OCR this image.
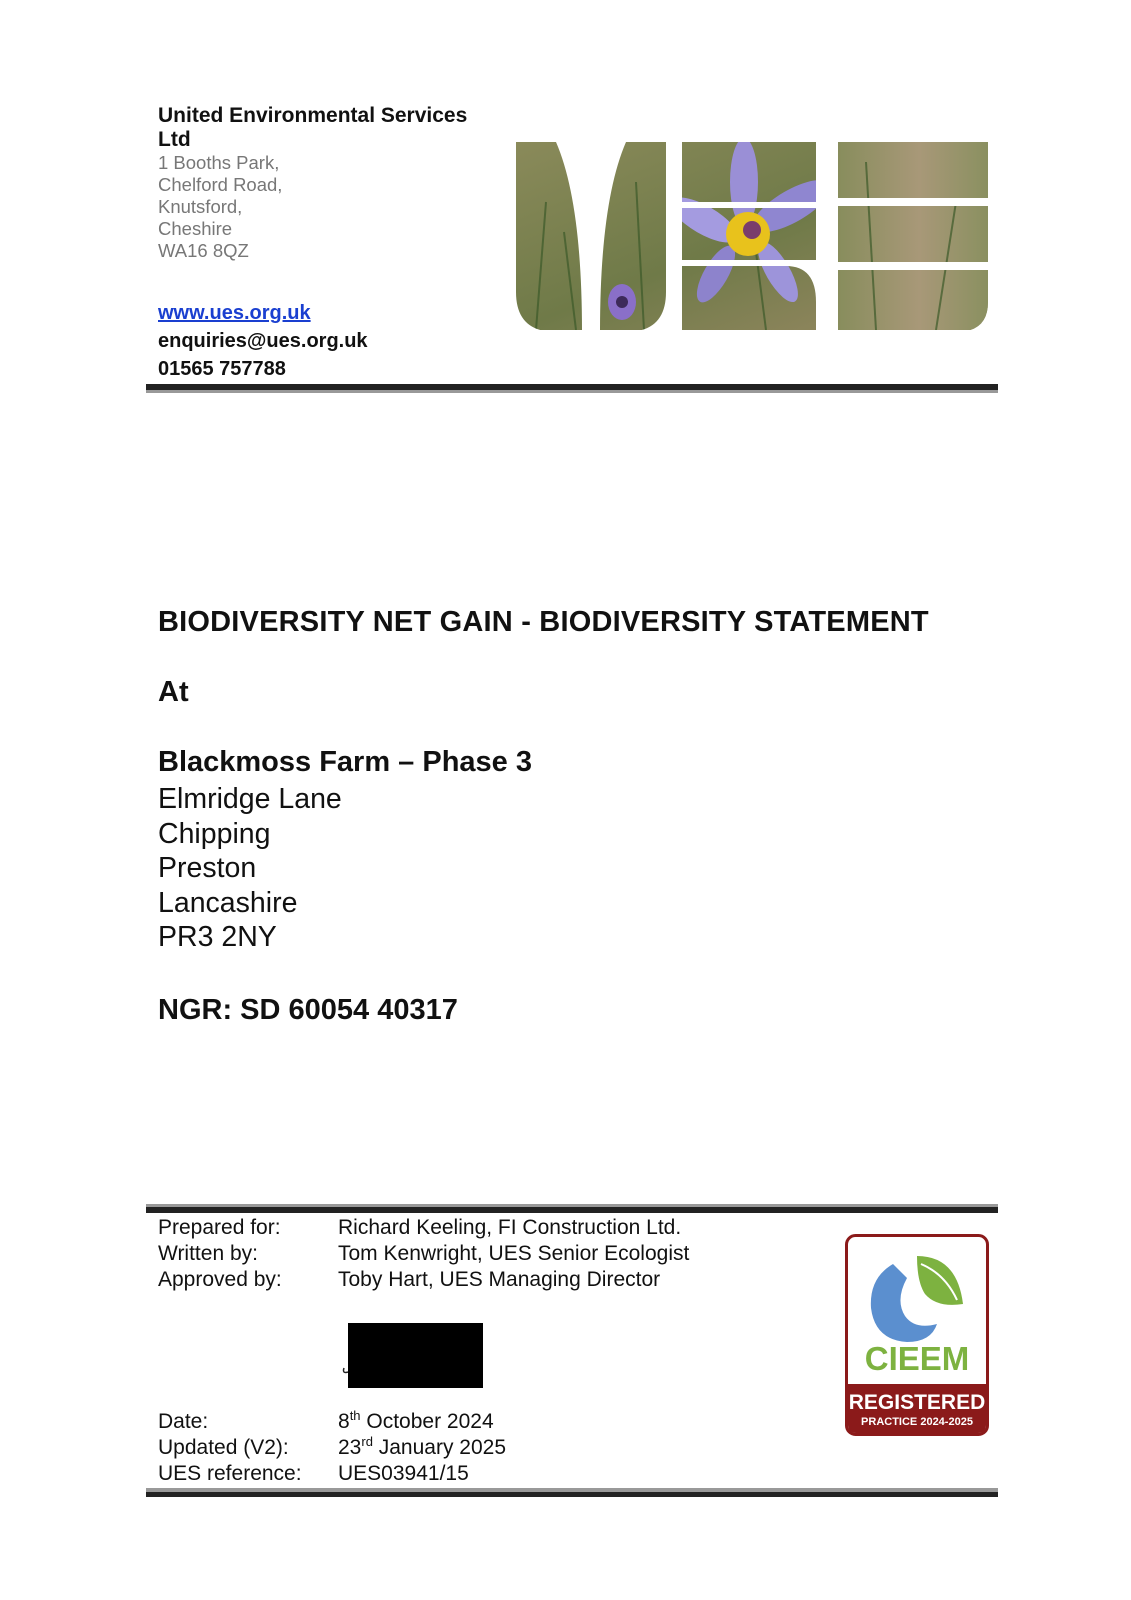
United Environmental Services Ltd
1 Booths Park,
Chelford Road,
Knutsford,
Cheshire
WA16 8QZ
www.ues.org.uk
enquiries@ues.org.uk
01565 757788
BIODIVERSITY NET GAIN - BIODIVERSITY STATEMENT
At
Blackmoss Farm – Phase 3
Elmridge Lane
Chipping
Preston
Lancashire
PR3 2NY
NGR: SD 60054 40317
Prepared for:	Richard Keeling, FI Construction Ltd.
Written by:	Tom Kenwright, UES Senior Ecologist
Approved by:	Toby Hart, UES Managing Director
Date:	8th October 2024
Updated (V2): 23rd January 2025
UES reference: UES03941/15
CIEEM
REGISTERED
PRACTICE 2024-2025
